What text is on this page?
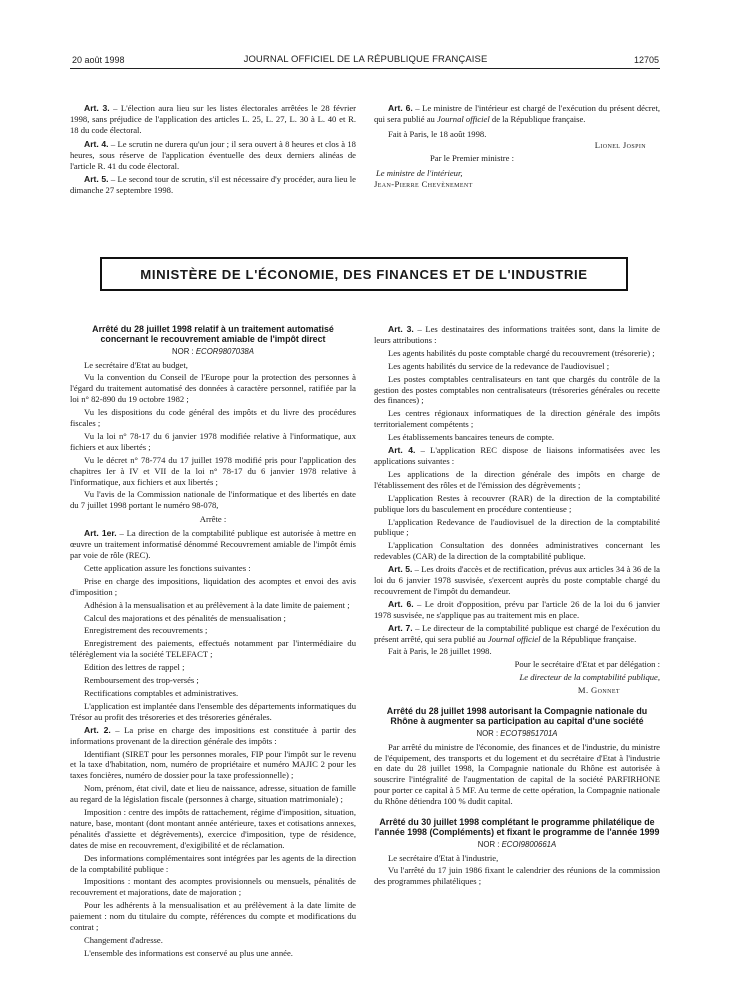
20 août 1998	JOURNAL OFFICIEL DE LA RÉPUBLIQUE FRANÇAISE	12705

Art. 3. – L'élection aura lieu sur les listes électorales arrêtées le 28 février 1998, sans préjudice de l'application des articles L. 25, L. 27, L. 30 à L. 40 et R. 18 du code électoral.

Art. 4. – Le scrutin ne durera qu'un jour ; il sera ouvert à 8 heures et clos à 18 heures, sous réserve de l'application éventuelle des deux derniers alinéas de l'article R. 41 du code électoral.

Art. 5. – Le second tour de scrutin, s'il est nécessaire d'y procéder, aura lieu le dimanche 27 septembre 1998.

Art. 6. – Le ministre de l'intérieur est chargé de l'exécution du présent décret, qui sera publié au Journal officiel de la République française.

Fait à Paris, le 18 août 1998.

Lionel Jospin

Par le Premier ministre :

Le ministre de l'intérieur,

Jean-Pierre Chevènement

MINISTÈRE DE L'ÉCONOMIE, DES FINANCES ET DE L'INDUSTRIE

Arrêté du 28 juillet 1998 relatif à un traitement automatisé concernant le recouvrement amiable de l'impôt direct

NOR : ECOR9807038A

Le secrétaire d'Etat au budget,

Vu la convention du Conseil de l'Europe pour la protection des personnes à l'égard du traitement automatisé des données à caractère personnel, ratifiée par la loi n° 82-890 du 19 octobre 1982 ;

Vu les dispositions du code général des impôts et du livre des procédures fiscales ;

Vu la loi n° 78-17 du 6 janvier 1978 modifiée relative à l'informatique, aux fichiers et aux libertés ;

Vu le décret n° 78-774 du 17 juillet 1978 modifié pris pour l'application des chapitres Ier à IV et VII de la loi n° 78-17 du 6 janvier 1978 relative à l'informatique, aux fichiers et aux libertés ;

Vu l'avis de la Commission nationale de l'informatique et des libertés en date du 7 juillet 1998 portant le numéro 98-078,

Arrête :

Art. 1er. – La direction de la comptabilité publique est autorisée à mettre en œuvre un traitement informatisé dénommé Recouvrement amiable de l'impôt émis par voie de rôle (REC).

Cette application assure les fonctions suivantes :

Prise en charge des impositions, liquidation des acomptes et envoi des avis d'imposition ;

Adhésion à la mensualisation et au prélèvement à la date limite de paiement ;

Calcul des majorations et des pénalités de mensualisation ;

Enregistrement des recouvrements ;

Enregistrement des paiements, effectués notamment par l'intermédiaire du télérèglement via la société TELEFACT ;

Edition des lettres de rappel ;

Remboursement des trop-versés ;

Rectifications comptables et administratives.

L'application est implantée dans l'ensemble des départements informatiques du Trésor au profit des trésoreries et des trésoreries générales.

Art. 2. – La prise en charge des impositions est constituée à partir des informations provenant de la direction générale des impôts :

Identifiant (SIRET pour les personnes morales, FIP pour l'impôt sur le revenu et la taxe d'habitation, nom, numéro de propriétaire et numéro MAJIC 2 pour les taxes foncières, numéro de dossier pour la taxe professionnelle) ;

Nom, prénom, état civil, date et lieu de naissance, adresse, situation de famille au regard de la législation fiscale (personnes à charge, situation matrimoniale) ;

Imposition : centre des impôts de rattachement, régime d'imposition, situation, nature, base, montant (dont montant année antérieure, taxes et cotisations annexes, pénalités d'assiette et dégrèvements), exercice d'imposition, type de résidence, dates de mise en recouvrement, d'exigibilité et de réclamation.

Des informations complémentaires sont intégrées par les agents de la direction de la comptabilité publique :

Impositions : montant des acomptes provisionnels ou mensuels, pénalités de recouvrement et majorations, date de majoration ;

Pour les adhérents à la mensualisation et au prélèvement à la date limite de paiement : nom du titulaire du compte, références du compte et modifications du contrat ;

Changement d'adresse.

L'ensemble des informations est conservé au plus une année.

Art. 3. – Les destinataires des informations traitées sont, dans la limite de leurs attributions :

Les agents habilités du poste comptable chargé du recouvrement (trésorerie) ;

Les agents habilités du service de la redevance de l'audiovisuel ;

Les postes comptables centralisateurs en tant que chargés du contrôle de la gestion des postes comptables non centralisateurs (trésoreries générales ou recette des finances) ;

Les centres régionaux informatiques de la direction générale des impôts territorialement compétents ;

Les établissements bancaires teneurs de compte.

Art. 4. – L'application REC dispose de liaisons informatisées avec les applications suivantes :

Les applications de la direction générale des impôts en charge de l'établissement des rôles et de l'émission des dégrèvements ;

L'application Restes à recouvrer (RAR) de la direction de la comptabilité publique lors du basculement en procédure contentieuse ;

L'application Redevance de l'audiovisuel de la direction de la comptabilité publique ;

L'application Consultation des données administratives concernant les redevables (CAR) de la direction de la comptabilité publique.

Art. 5. – Les droits d'accès et de rectification, prévus aux articles 34 à 36 de la loi du 6 janvier 1978 susvisée, s'exercent auprès du poste comptable chargé du recouvrement de l'impôt du demandeur.

Art. 6. – Le droit d'opposition, prévu par l'article 26 de la loi du 6 janvier 1978 susvisée, ne s'applique pas au traitement mis en place.

Art. 7. – Le directeur de la comptabilité publique est chargé de l'exécution du présent arrêté, qui sera publié au Journal officiel de la République française.

Fait à Paris, le 28 juillet 1998.

Pour le secrétaire d'Etat et par délégation :

Le directeur de la comptabilité publique,

M. Gonnet

Arrêté du 28 juillet 1998 autorisant la Compagnie nationale du Rhône à augmenter sa participation au capital d'une société

NOR : ECOT9851701A

Par arrêté du ministre de l'économie, des finances et de l'industrie, du ministre de l'équipement, des transports et du logement et du secrétaire d'Etat à l'industrie en date du 28 juillet 1998, la Compagnie nationale du Rhône est autorisée à souscrire l'intégralité de l'augmentation de capital de la société PARFIRHONE pour porter ce capital à 5 MF. Au terme de cette opération, la Compagnie nationale du Rhône détiendra 100 % dudit capital.

Arrêté du 30 juillet 1998 complétant le programme philatélique de l'année 1998 (Compléments) et fixant le programme de l'année 1999

NOR : ECOI9800661A

Le secrétaire d'Etat à l'industrie,

Vu l'arrêté du 17 juin 1986 fixant le calendrier des réunions de la commission des programmes philatéliques ;
